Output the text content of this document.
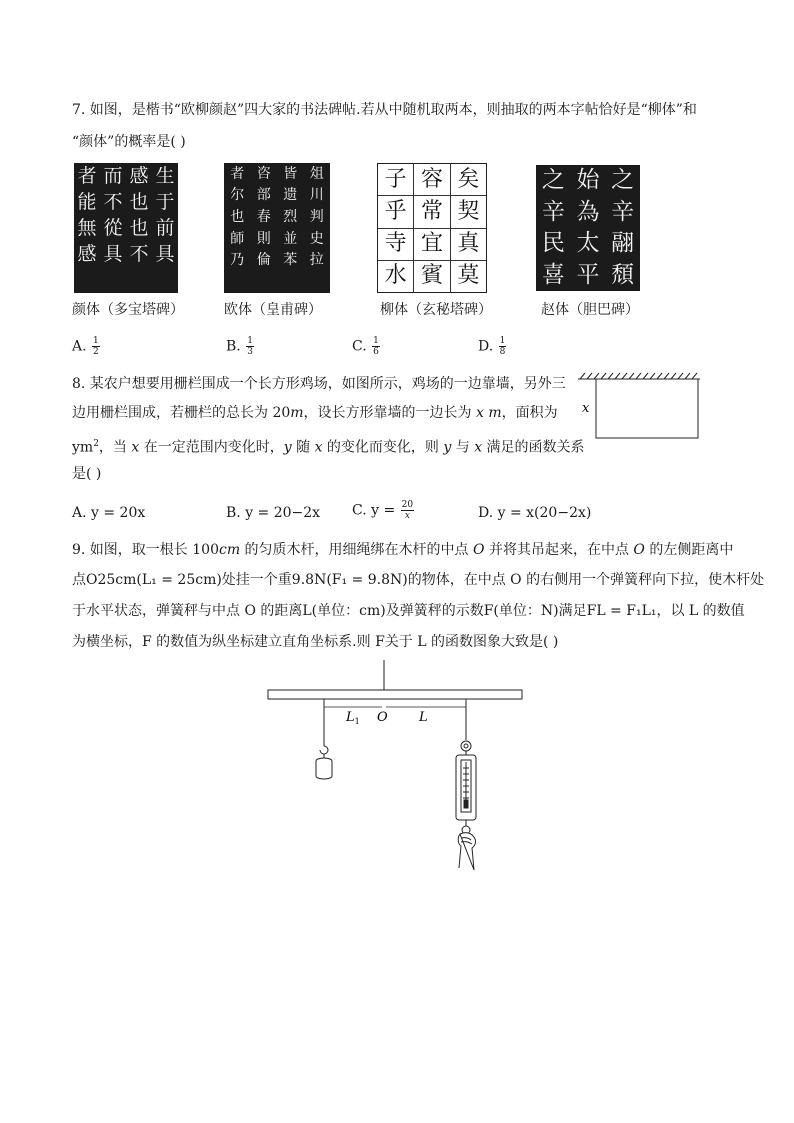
7. 如图，是楷书“欧柳颜赵”四大家的书法碑帖.若从中随机取两本，则抽取的两本字帖恰好是“柳体”和
“颜体”的概率是( )
者 而 感 生
能 不 也 于
無 從 也 前
感 具 不 具
者 咨 皆 俎
尔 部 遗 川
也 春 烈 判
師 則 並 史
乃 倫 苯 拉
子 容 矣
乎 常 契
寺 宜 真
水 賓 莫
之 始 之
辛 為 辛
民 太 翮
喜 平 頹
颜体（多宝塔碑）	欧体（皇甫碑）	柳体（玄秘塔碑）	赵体（胆巴碑）
A. $\frac{1}{2}$	B. $\frac{1}{3}$	C. $\frac{1}{6}$	D. $\frac{1}{8}$
8. 某农户想要用栅栏围成一个长方形鸡场，如图所示，鸡场的一边靠墙，另外三
边用栅栏围成，若栅栏的总长为 20m，设长方形靠墙的一边长为 x m，面积为
$ym^2$，当 x 在一定范围内变化时，y 随 x 的变化而变化，则 y 与 x 满足的函数关系
是( )
x
A. y = 20x	B. y = 20−2x C. $y = \frac{20}{x}$	D. y = x(20−2x)
9. 如图，取一根长 100cm 的匀质木杆，用细绳绑在木杆的中点 O 并将其吊起来，在中点 O 的左侧距离中
点O25cm(L₁ = 25cm)处挂一个重9.8N(F₁ = 9.8N)的物体，在中点 O 的右侧用一个弹簧秤向下拉，使木杆处
于水平状态，弹簧秤与中点 O 的距离L(单位：cm)及弹簧秤的示数F(单位：N)满足FL = F₁L₁，以 L 的数值
为横坐标，F 的数值为纵坐标建立直角坐标系.则 F关于 L 的函数图象大致是( )
$L_1$ O L
